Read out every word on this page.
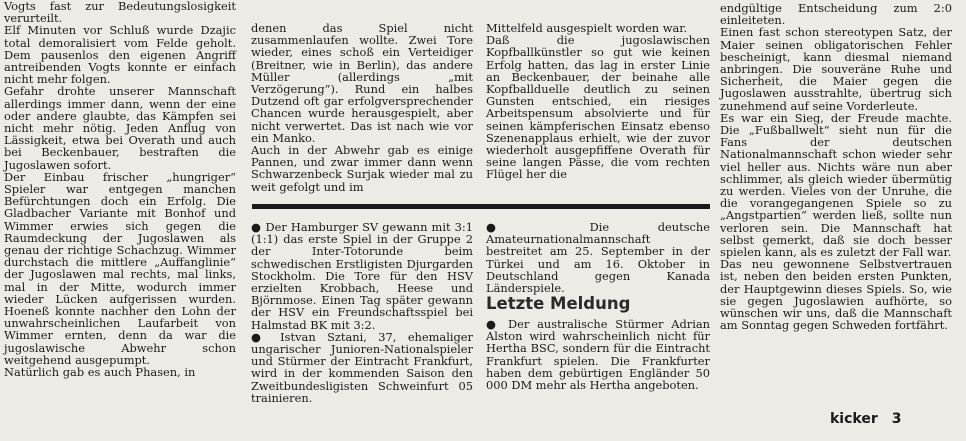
Vogts fast zur Bedeutungslosigkeit verurteilt.

Elf Minuten vor Schluß wurde Dzajic total demoralisiert vom Felde geholt. Dem pausenlos den eigenen Angriff antreibenden Vogts konnte er einfach nicht mehr folgen.

Gefahr drohte unserer Mannschaft allerdings immer dann, wenn der eine oder andere glaubte, das Kämpfen sei nicht mehr nötig. Jeden Anflug von Lässigkeit, etwa bei Overath und auch bei Beckenbauer, bestraften die Jugoslawen sofort.

Der Einbau frischer „hungriger“ Spieler war entgegen manchen Befürchtungen doch ein Erfolg. Die Gladbacher Variante mit Bonhof und Wimmer erwies sich gegen die Raumdeckung der Jugoslawen als genau der richtige Schachzug. Wimmer durchstach die mittlere „Auffanglinie“ der Jugoslawen mal rechts, mal links, mal in der Mitte, wodurch immer wieder Lücken aufgerissen wurden. Hoeneß konnte nachher den Lohn der unwahrscheinlichen Laufarbeit von Wimmer ernten, denn da war die jugoslawische Abwehr schon weitgehend ausgepumpt.

Natürlich gab es auch Phasen, in

denen das Spiel nicht zusammenlaufen wollte. Zwei Tore wieder, eines schoß ein Verteidiger (Breitner, wie in Berlin), das andere Müller (allerdings „mit Verzögerung“). Rund ein halbes Dutzend oft gar erfolgversprechender Chancen wurde herausgespielt, aber nicht verwertet. Das ist nach wie vor ein Manko.

Auch in der Abwehr gab es einige Pannen, und zwar immer dann wenn Schwarzenbeck Surjak wieder mal zu weit gefolgt und im

Mittelfeld ausgespielt worden war.

Daß die jugoslawischen Kopfballkünstler so gut wie keinen Erfolg hatten, das lag in erster Linie an Beckenbauer, der beinahe alle Kopfballduelle deutlich zu seinen Gunsten entschied, ein riesiges Arbeitspensum absolvierte und für seinen kämpferischen Einsatz ebenso Szenenapplaus erhielt, wie der zuvor wiederholt ausgepfiffene Overath für seine langen Pässe, die vom rechten Flügel her die

endgültige Entscheidung zum 2:0 einleiteten.

Einen fast schon stereotypen Satz, der Maier seinen obligatorischen Fehler bescheinigt, kann diesmal niemand anbringen. Die souveräne Ruhe und Sicherheit, die Maier gegen die Jugoslawen ausstrahlte, übertrug sich zunehmend auf seine Vorderleute.

Es war ein Sieg, der Freude machte. Die „Fußballwelt“ sieht nun für die Fans der deutschen Nationalmannschaft schon wieder sehr viel heller aus. Nichts wäre nun aber schlimmer, als gleich wieder übermütig zu werden. Vieles von der Unruhe, die die vorangegangenen Spiele so zu „Angstpartien“ werden ließ, sollte nun verloren sein. Die Mannschaft hat selbst gemerkt, daß sie doch besser spielen kann, als es zuletzt der Fall war.

Das neu gewonnene Selbstvertrauen ist, neben den beiden ersten Punkten, der Hauptgewinn dieses Spiels. So, wie sie gegen Jugoslawien aufhörte, so wünschen wir uns, daß die Mannschaft am Sonntag gegen Schweden fortfährt.

● Der Hamburger SV gewann mit 3:1 (1:1) das erste Spiel in der Gruppe 2 der Inter-Totorunde beim schwedischen Erstligisten Djurgarden Stockholm. Die Tore für den HSV erzielten Krobbach, Heese und Björnmose. Einen Tag später gewann der HSV ein Freundschaftsspiel bei Halmstad BK mit 3:2.

● Istvan Sztani, 37, ehemaliger ungarischer Junioren-Nationalspieler und Stürmer der Eintracht Frankfurt, wird in der kommenden Saison den Zweitbundesligisten Schweinfurt 05 trainieren.

● Die deutsche Amateurnationalmannschaft bestreitet am 25. September in der Türkei und am 16. Oktober in Deutschland gegen Kanada Länderspiele.

Letzte Meldung

● Der australische Stürmer Adrian Alston wird wahrscheinlich nicht für Hertha BSC, sondern für die Eintracht Frankfurt spielen. Die Frankfurter haben dem gebürtigen Engländer 50 000 DM mehr als Hertha angeboten.

kicker 3
